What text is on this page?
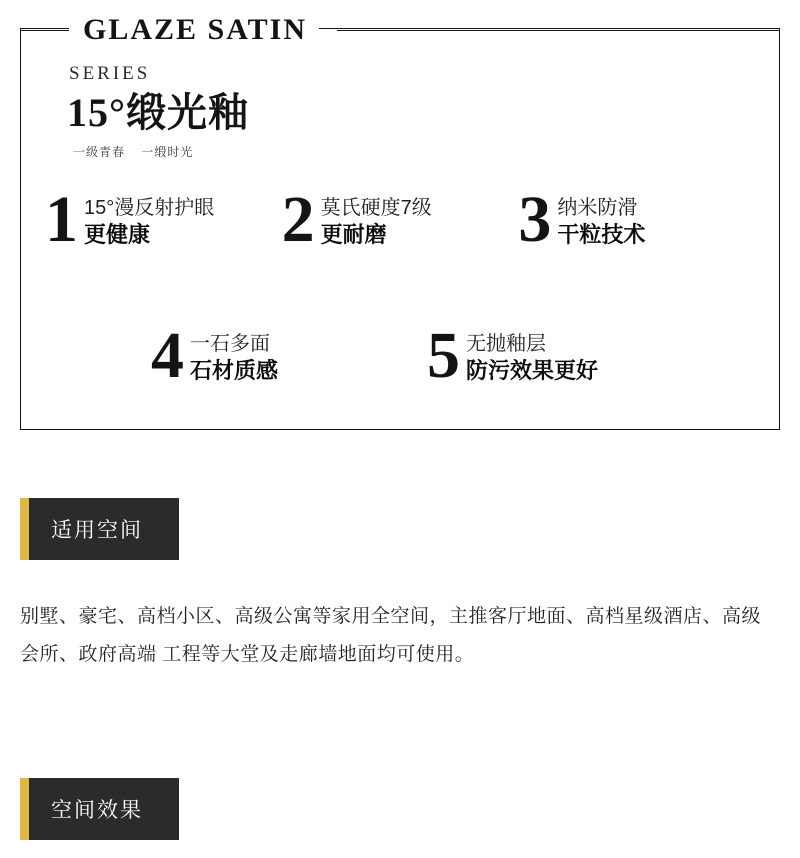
GLAZE SATIN
SERIES
15°缎光釉
一级青春 一缎时光
1 15°漫反射护眼
更健康	2 莫氏硬度7级
更耐磨	3 纳米防滑
干粒技术
4 一石多面
石材质感 5 无抛釉层
防污效果更好
适用空间
别墅、豪宅、高档小区、高级公寓等家用全空间，主推客厅地面、高档星级酒店、高级会所、政府高端 工程等大堂及走廊墙地面均可使用。
空间效果
